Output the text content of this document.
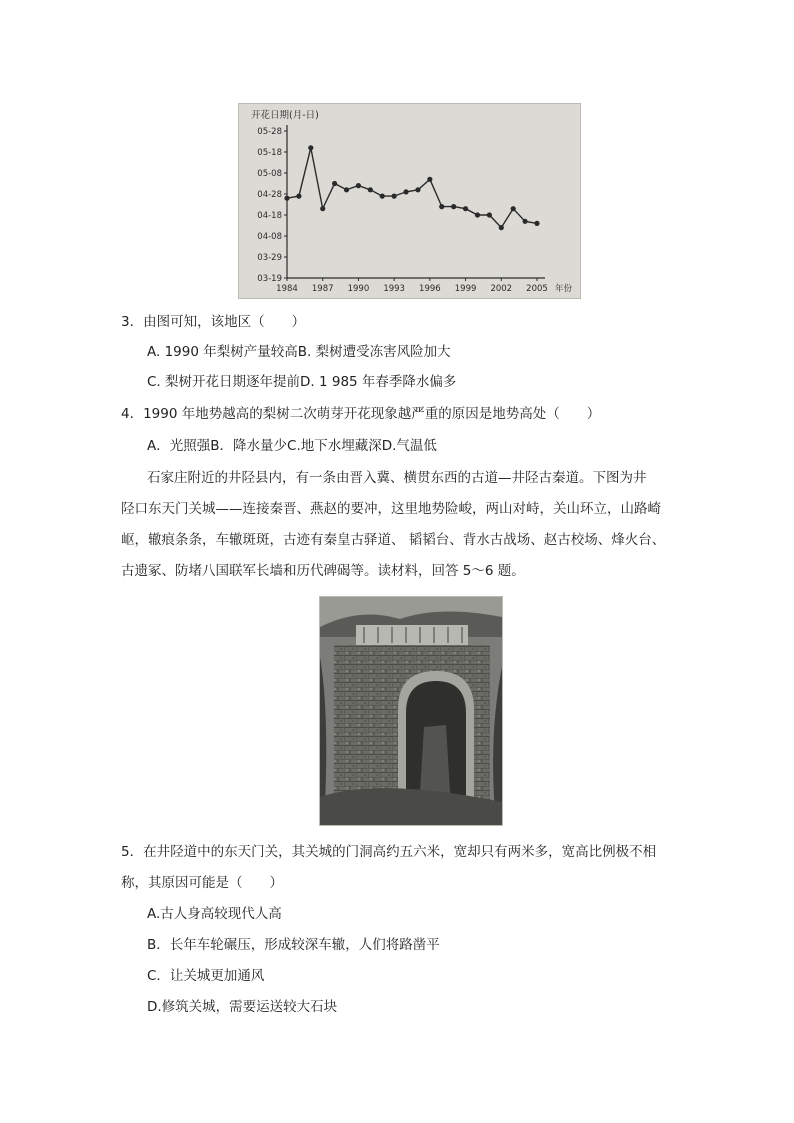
开花日期(月-日)
05-28
05-18
05-08
04-28
04-18
04-08
03-29
03-19
1984 1987 1990 1993 1996 1999 2002 2005 年份
3．由图可知，该地区（　　）
A. 1990 年梨树产量较高B. 梨树遭受冻害风险加大
C. 梨树开花日期逐年提前D. 1 985 年春季降水偏多
4．1990 年地势越高的梨树二次萌芽开花现象越严重的原因是地势高处（　　）
A．光照强B．降水量少C.地下水埋藏深D.气温低
石家庄附近的井陉县内，有一条由晋入冀、横贯东西的古道—井陉古秦道。下图为井
陉口东天门关城——连接秦晋、燕赵的要冲，这里地势险峻，两山对峙，关山环立，山路崎
岖，辙痕条条，车辙斑斑，古迹有秦皇古驿道、 韬韬台、背水古战场、赵古校场、烽火台、
古遗冢、防堵八国联军长墙和历代碑碣等。读材料，回答 5～6 题。
5．在井陉道中的东天门关，其关城的门洞高约五六米，宽却只有两米多，宽高比例极不相
称，其原因可能是（　　）
A.古人身高较现代人高
B．长年车轮碾压，形成较深车辙，人们将路凿平
C．让关城更加通风
D.修筑关城，需要运送较大石块
